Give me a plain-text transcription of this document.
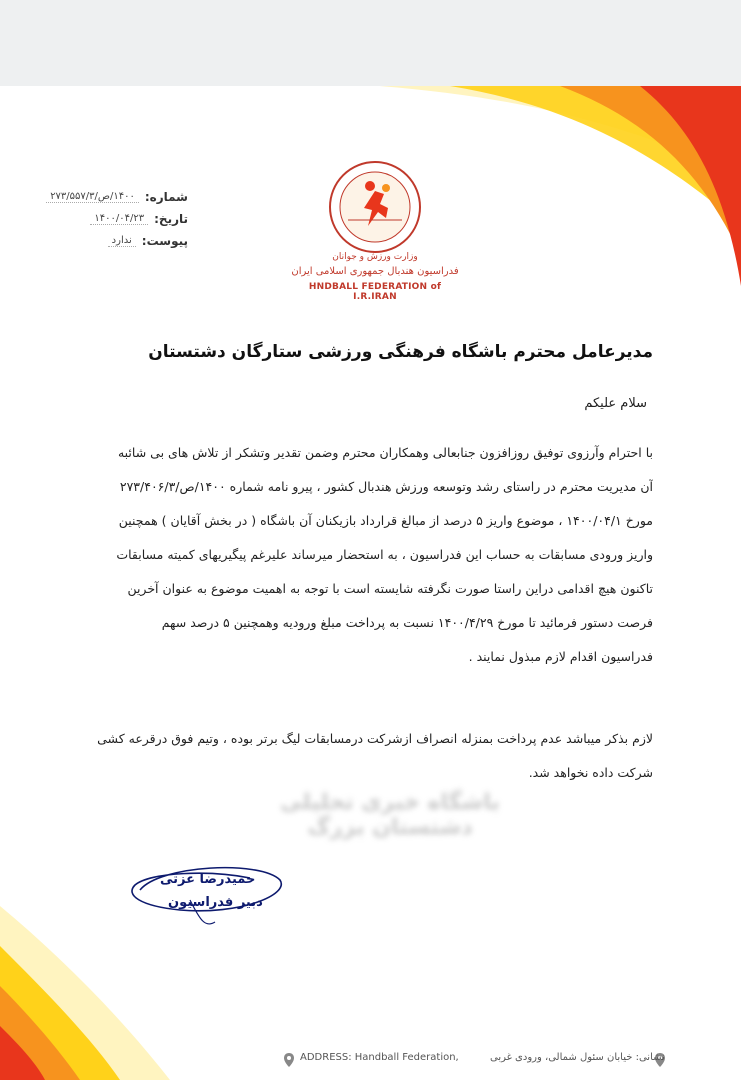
شماره:
۱۴۰۰/ص/۲۷۳/۵۵۷/۳
تاریخ:
۱۴۰۰/۰۴/۲۳
پیوست:
ندارد
وزارت ورزش و جوانان
فدراسیون هندبال جمهوری اسلامی ایران
HNDBALL FEDERATION of I.R.IRAN
مدیرعامل محترم باشگاه فرهنگی ورزشی ستارگان دشتستان
سلام علیکم
با احترام وآرزوی توفیق روزافزون جنابعالی وهمکاران محترم وضمن تقدیر وتشکر از تلاش های بی شائبه
آن مدیریت محترم در راستای رشد وتوسعه ورزش هندبال کشور ، پیرو نامه شماره ۱۴۰۰/ص/۲۷۳/۴۰۶/۳
مورخ ۱۴۰۰/۰۴/۱ ، موضوع واریز ۵ درصد از مبالغ قرارداد بازیکنان آن باشگاه ( در بخش آقایان ) همچنین
واریز ورودی مسابقات به حساب این فدراسیون ، به استحضار میرساند علیرغم پیگیریهای کمیته مسابقات
تاکنون هیچ اقدامی دراین راستا صورت نگرفته شایسته است با توجه به اهمیت موضوع به عنوان آخرین
فرصت دستور فرمائید تا مورخ ۱۴۰۰/۴/۲۹ نسبت به پرداخت مبلغ ورودیه وهمچنین ۵ درصد سهم
فدراسیون اقدام لازم مبذول نمایند .
لازم بذکر میباشد عدم پرداخت بمنزله انصراف ازشرکت درمسابقات لیگ برتر بوده ، وتیم فوق درقرعه کشی
شرکت داده نخواهد شد.
باشگاه خبری تحلیلی دشتستان بزرگ
حمیدرضا عزتی
دبیر فدراسیون
ADDRESS: Handball Federation,	نشانی: خیابان سئول شمالی، ورودی غربی
